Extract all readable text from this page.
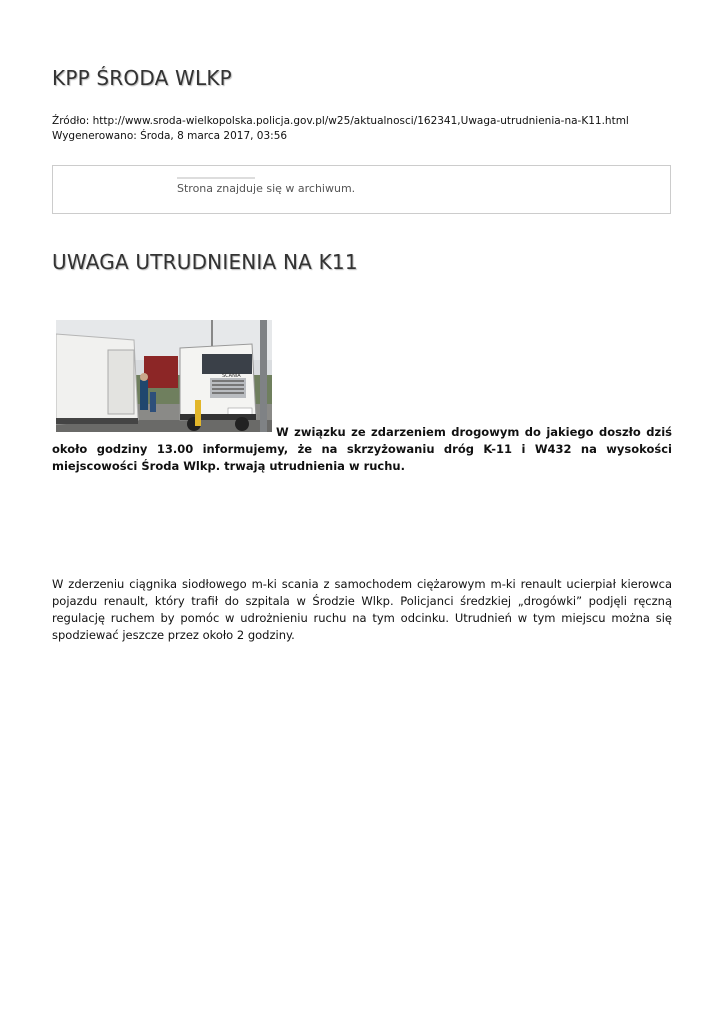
KPP ŚRODA WLKP
Źródło: http://www.sroda-wielkopolska.policja.gov.pl/w25/aktualnosci/162341,Uwaga-utrudnienia-na-K11.html
Wygenerowano: Środa, 8 marca 2017, 03:56
Strona znajduje się w archiwum.
UWAGA UTRUDNIENIA NA K11
SCANIA

W związku ze zdarzeniem drogowym do jakiego doszło dziś około godziny 13.00 informujemy, że na skrzyżowaniu dróg K-11 i W432 na wysokości miejscowości Środa Wlkp. trwają utrudnienia w ruchu.

W zderzeniu ciągnika siodłowego m-ki scania z samochodem ciężarowym m-ki renault ucierpiał kierowca pojazdu renault, który trafił do szpitala w Środzie Wlkp. Policjanci średzkiej „drogówki” podjęli ręczną regulację ruchem by pomóc w udrożnieniu ruchu na tym odcinku. Utrudnień w tym miejscu można się spodziewać jeszcze przez około 2 godziny.
